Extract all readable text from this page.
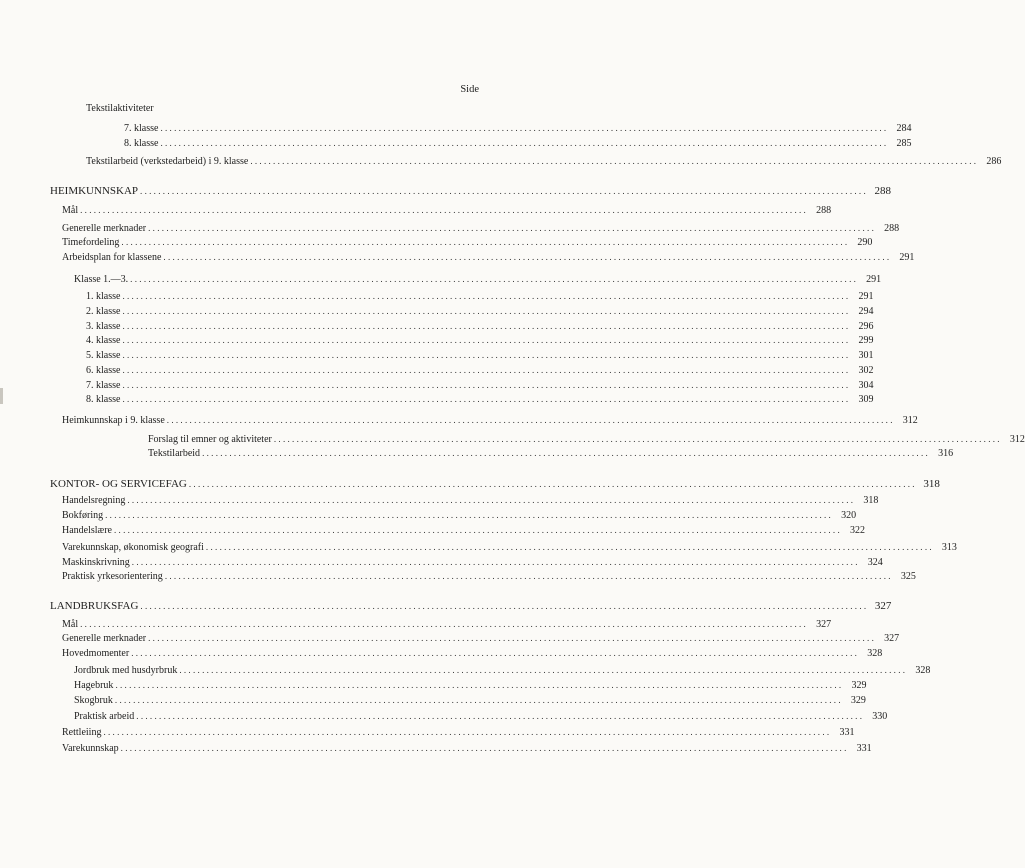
Side
Tekstilaktiviteter
7. klasse ................................................................................................................................................................ 284
8. klasse ................................................................................................................................................................ 285
Tekstilarbeid (verkstedarbeid) i 9. klasse ................................................................................................................................................................ 286
HEIMKUNNSKAP ................................................................................................................................................................ 288
Mål ................................................................................................................................................................ 288
Generelle merknader ................................................................................................................................................................ 288
Timefordeling ................................................................................................................................................................ 290
Arbeidsplan for klassene ................................................................................................................................................................ 291
Klasse 1.—3. ................................................................................................................................................................ 291
1. klasse ................................................................................................................................................................ 291
2. klasse ................................................................................................................................................................ 294
3. klasse ................................................................................................................................................................ 296
4. klasse ................................................................................................................................................................ 299
5. klasse ................................................................................................................................................................ 301
6. klasse ................................................................................................................................................................ 302
7. klasse ................................................................................................................................................................ 304
8. klasse ................................................................................................................................................................ 309
Heimkunnskap i 9. klasse ................................................................................................................................................................ 312
Forslag til emner og aktiviteter ................................................................................................................................................................ 312
Tekstilarbeid ................................................................................................................................................................ 316
KONTOR- OG SERVICEFAG ................................................................................................................................................................ 318
Handelsregning ................................................................................................................................................................ 318
Bokføring ................................................................................................................................................................ 320
Handelslære ................................................................................................................................................................ 322
Varekunnskap, økonomisk geografi ................................................................................................................................................................ 313
Maskinskrivning ................................................................................................................................................................ 324
Praktisk yrkesorientering ................................................................................................................................................................ 325
LANDBRUKSFAG ................................................................................................................................................................ 327
Mål ................................................................................................................................................................ 327
Generelle merknader ................................................................................................................................................................ 327
Hovedmomenter ................................................................................................................................................................ 328
Jordbruk med husdyrbruk ................................................................................................................................................................ 328
Hagebruk ................................................................................................................................................................ 329
Skogbruk ................................................................................................................................................................ 329
Praktisk arbeid ................................................................................................................................................................ 330
Rettleiing ................................................................................................................................................................ 331
Varekunnskap ................................................................................................................................................................ 331
